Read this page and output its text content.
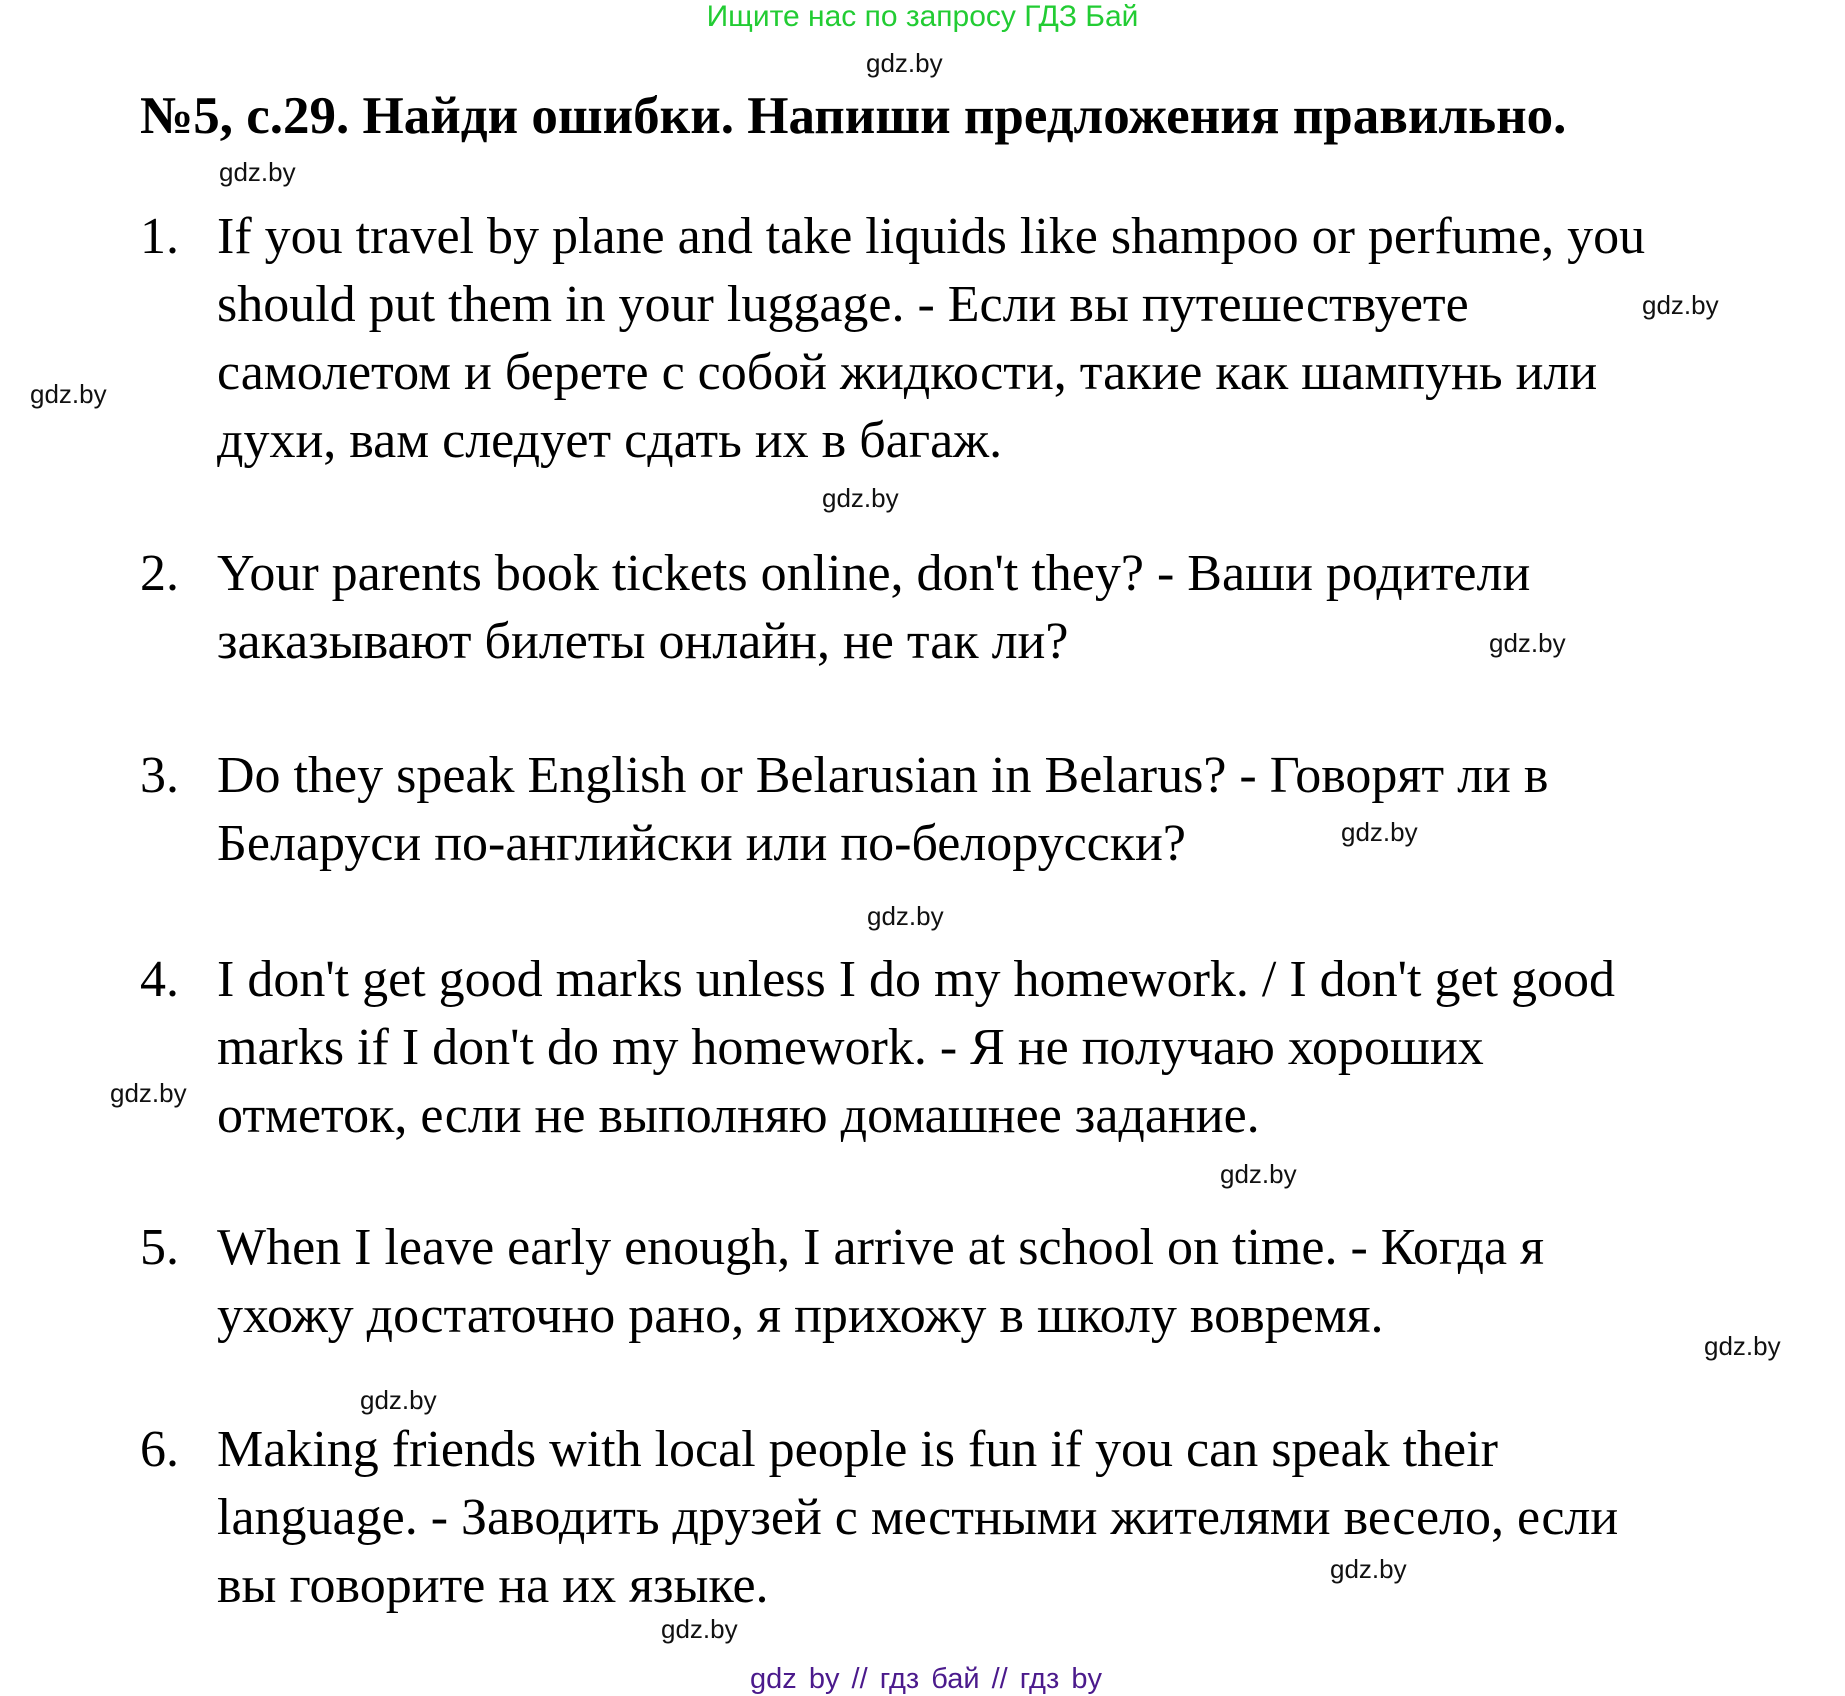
Ищите нас по запросу ГДЗ Бай
№5, с.29. Найди ошибки. Напиши предложения правильно.
1. If you travel by plane and take liquids like shampoo or perfume, you
should put them in your luggage. - Если вы путешествуете
самолетом и берете с собой жидкости, такие как шампунь или
духи, вам следует сдать их в багаж.
2. Your parents book tickets online, don't they? - Ваши родители
заказывают билеты онлайн, не так ли?
3. Do they speak English or Belarusian in Belarus? - Говорят ли в
Беларуси по-английски или по-белорусски?
4. I don't get good marks unless I do my homework. / I don't get good
marks if I don't do my homework. - Я не получаю хороших
отметок, если не выполняю домашнее задание.
5. When I leave early enough, I arrive at school on time. - Когда я
ухожу достаточно рано, я прихожу в школу вовремя.
6. Making friends with local people is fun if you can speak their
language. - Заводить друзей с местными жителями весело, если
вы говорите на их языке.
gdz.by
gdz.by
gdz.by
gdz.by
gdz.by
gdz.by
gdz.by
gdz.by
gdz.by
gdz.by
gdz.by
gdz.by
gdz.by
gdz.by
gdz by // гдз бай // гдз by
